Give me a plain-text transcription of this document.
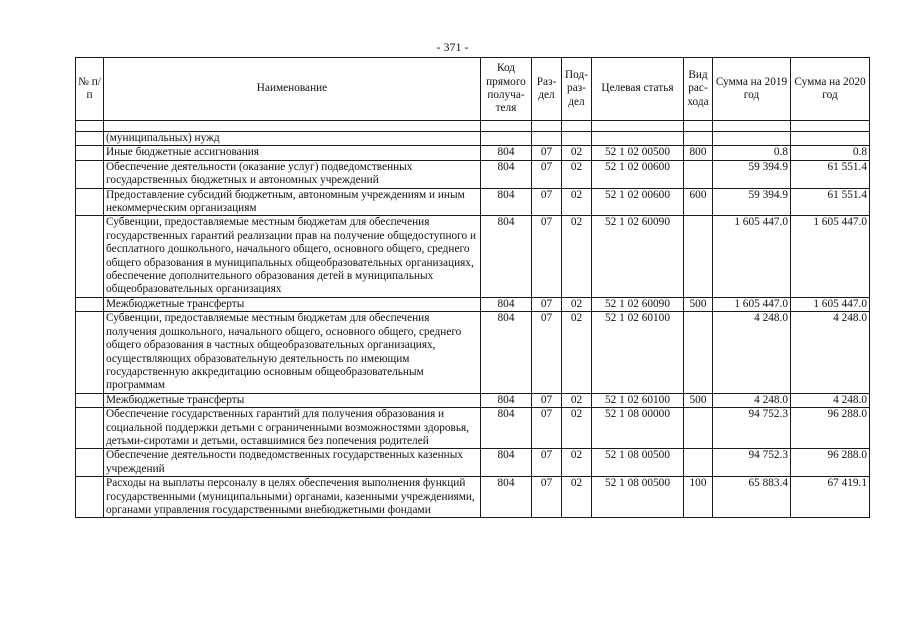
- 371 -
№ п/п	Наименование	Код прямого получа-теля	Раз-дел	Под-раз-дел	Целевая статья	Вид рас-хода	Сумма на 2019 год	Сумма на 2020 год

	(муниципальных) нужд							
	Иные бюджетные ассигнования	804	07	02	52 1 02 00500	800	0.8	0.8
	Обеспечение деятельности (оказание услуг) подведомственных государственных бюджетных и автономных учреждений	804	07	02	52 1 02 00600		59 394.9	61 551.4
	Предоставление субсидий бюджетным, автономным учреждениям и иным некоммерческим организациям	804	07	02	52 1 02 00600	600	59 394.9	61 551.4
	Субвенции, предоставляемые местным бюджетам для обеспечения государственных гарантий реализации прав на получение общедоступного и бесплатного дошкольного, начального общего, основного общего, среднего общего образования в муниципальных общеобразовательных организациях, обеспечение дополнительного образования детей в муниципальных общеобразовательных организациях	804	07	02	52 1 02 60090		1 605 447.0	1 605 447.0
	Межбюджетные трансферты	804	07	02	52 1 02 60090	500	1 605 447.0	1 605 447.0
	Субвенции, предоставляемые местным бюджетам для обеспечения получения дошкольного, начального общего, основного общего, среднего общего образования в частных общеобразовательных организациях, осуществляющих образовательную деятельность по имеющим государственную аккредитацию основным общеобразовательным программам	804	07	02	52 1 02 60100		4 248.0	4 248.0
	Межбюджетные трансферты	804	07	02	52 1 02 60100	500	4 248.0	4 248.0
	Обеспечение государственных гарантий для получения образования и социальной поддержки детьми с ограниченными возможностями здоровья, детьми-сиротами и детьми, оставшимися без попечения родителей	804	07	02	52 1 08 00000		94 752.3	96 288.0
	Обеспечение деятельности подведомственных государственных казенных учреждений	804	07	02	52 1 08 00500		94 752.3	96 288.0
	Расходы на выплаты персоналу в целях обеспечения выполнения функций государственными (муниципальными) органами, казенными учреждениями, органами управления государственными внебюджетными фондами	804	07	02	52 1 08 00500	100	65 883.4	67 419.1
